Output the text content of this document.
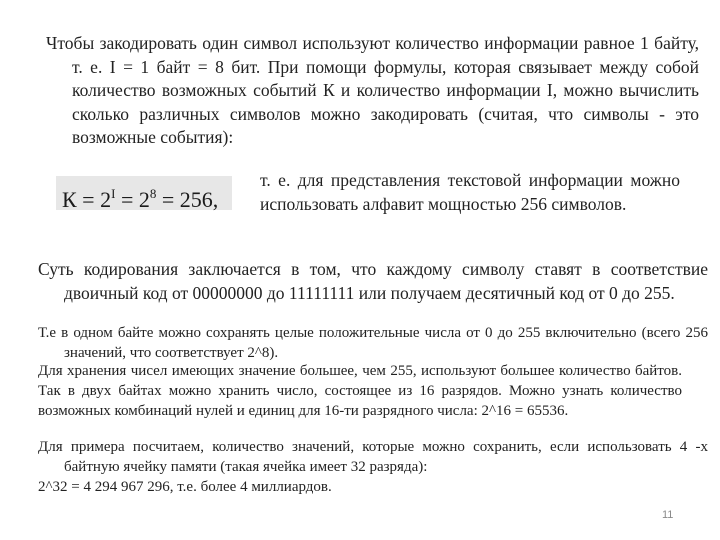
Чтобы закодировать один символ используют количество информации равное 1 байту, т. е. I = 1 байт = 8 бит. При помощи формулы, которая связывает между собой количество возможных событий К и количество информации I, можно вычислить сколько различных символов можно закодировать (считая, что символы - это возможные события):

$К = 2^I = 2^8 = 256$,

т. е. для представления текстовой информации можно использовать алфавит мощностью 256 символов.

Суть кодирования заключается в том, что каждому символу ставят в соответствие двоичный код от 00000000 до 11111111 или получаем десятичный код от 0 до 255.

Т.е в одном байте можно сохранять целые положительные числа от 0 до 255 включительно (всего 256 значений, что соответствует 2^8).

Для хранения чисел имеющих значение большее, чем 255, используют большее количество байтов. Так в двух байтах можно хранить число, состоящее из 16 разрядов. Можно узнать количество возможных комбинаций нулей и единиц для 16-ти разрядного числа: 2^16 = 65536.

Для примера посчитаем, количество значений, которые можно сохранить, если использовать 4 -х байтную ячейку памяти (такая ячейка имеет 32 разряда):

2^32 = 4 294 967 296, т.е. более 4 миллиардов.

11
